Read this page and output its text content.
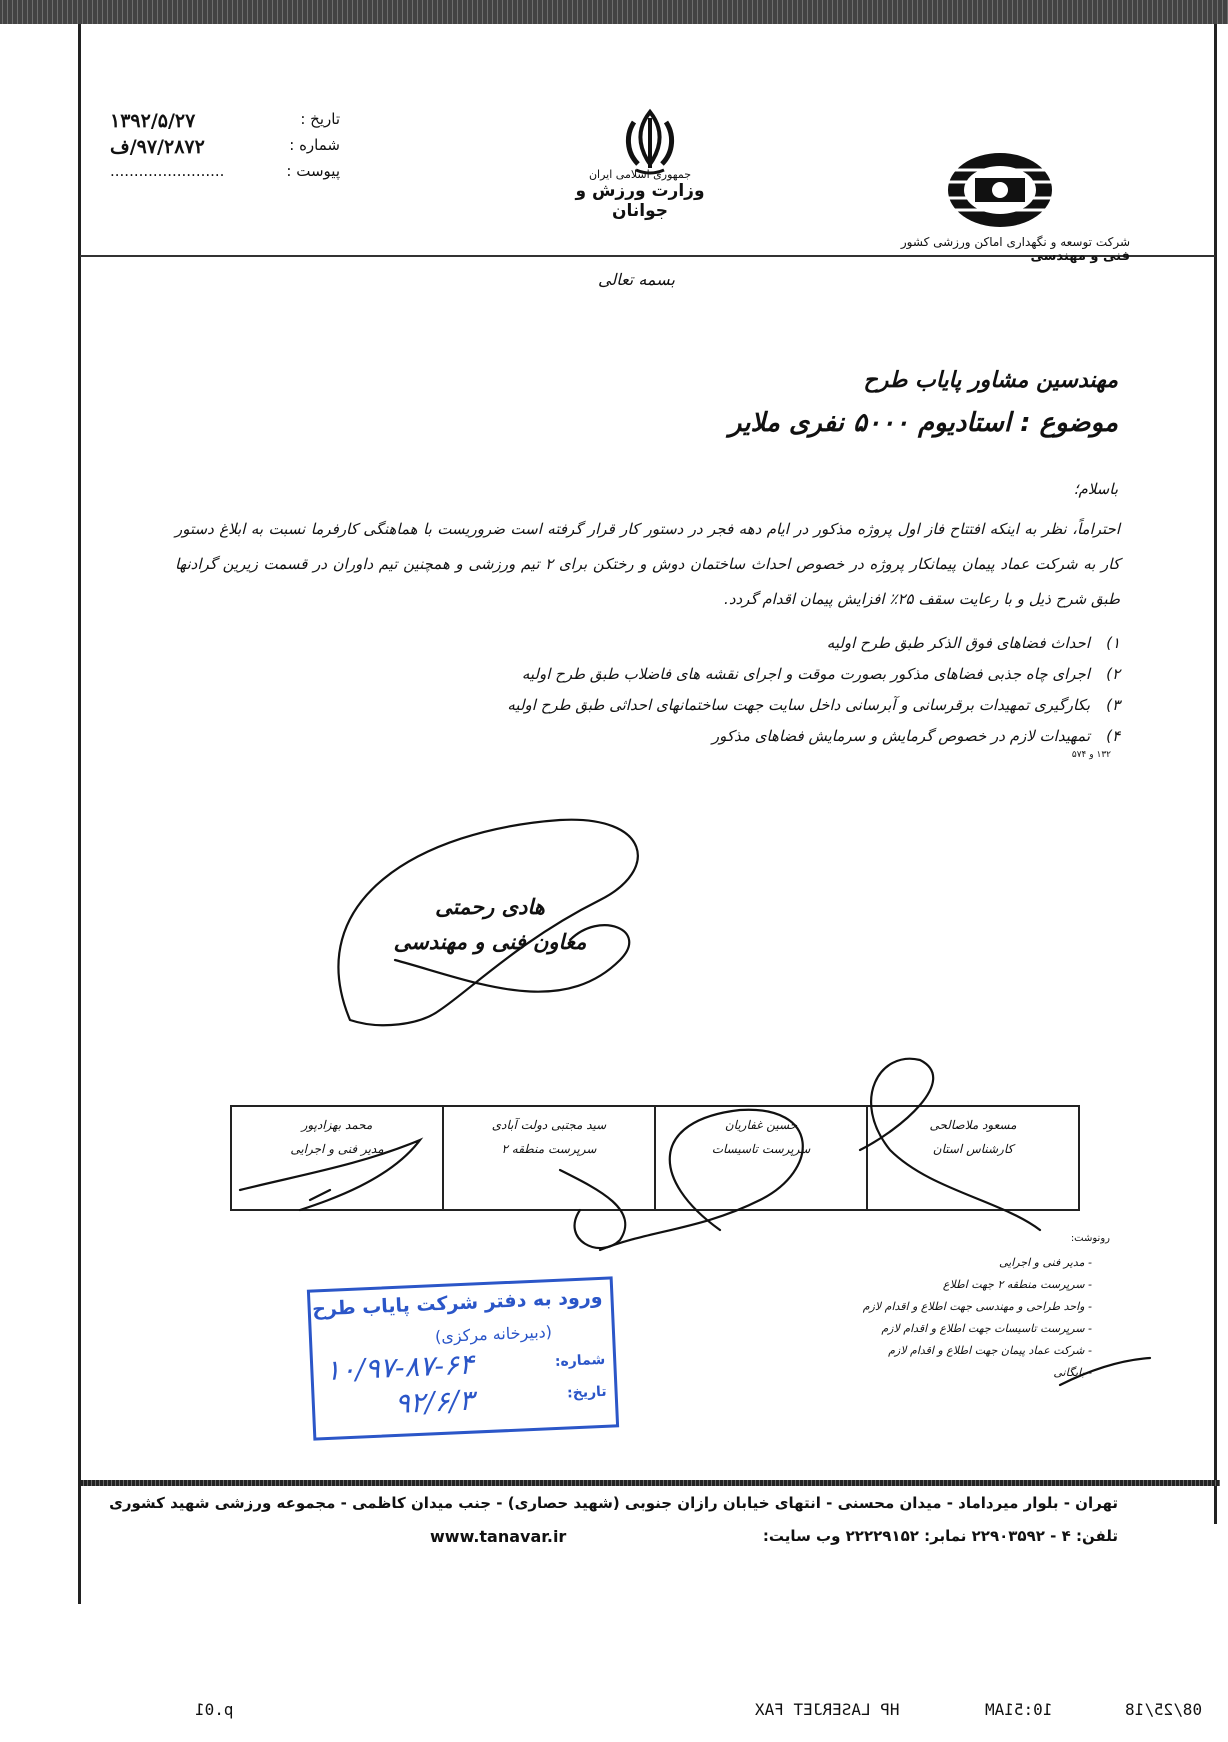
تاریخ :
۱۳۹۲/۵/۲۷
شماره :
۹۷/۲۸۷۲/ف
پیوست :
........................	جمهوری اسلامی ایران
وزارت ورزش و جوانان
شرکت توسعه و نگهداری اماکن ورزشی کشور
فنی و مهندسی
بسمه تعالی
مهندسین مشاور پایاب طرح
موضوع : استادیوم ۵۰۰۰ نفری ملایر
باسلام؛
احتراماً، نظر به اینکه افتتاح فاز اول پروژه مذکور در ایام دهه فجر در دستور کار قرار گرفته است ضروریست با هماهنگی کارفرما نسبت به ابلاغ دستور کار به شرکت عماد پیمان پیمانکار پروژه در خصوص احداث ساختمان دوش و رختکن برای ۲ تیم ورزشی و همچنین تیم داوران در قسمت زیرین گرادنها طبق شرح ذیل و با رعایت سقف ۲۵٪ افزایش پیمان اقدام گردد.
۱)
احداث فضاهای فوق الذکر طبق طرح اولیه
۲)
اجرای چاه جذبی فضاهای مذکور بصورت موقت و اجرای نقشه های فاضلاب طبق طرح اولیه
۳)
بکارگیری تمهیدات برقرسانی و آبرسانی داخل سایت جهت ساختمانهای احداثی طبق طرح اولیه
۴)
تمهیدات لازم در خصوص گرمایش و سرمایش فضاهای مذکور
۱۳۲ و ۵۷۴
هادی رحمتی
معاون فنی و مهندسی
مسعود ملاصالحی
کارشناس استان

حسین غفاریان
سرپرست تاسیسات

سید مجتبی دولت آبادی
سرپرست منطقه ۲

محمد بهزادپور
مدیر فنی و اجرایی
رونوشت:
- مدیر فنی و اجرایی
- سرپرست منطقه ۲ جهت اطلاع
- واحد طراحی و مهندسی جهت اطلاع و اقدام لازم
- سرپرست تاسیسات جهت اطلاع و اقدام لازم
- شرکت عماد پیمان جهت اطلاع و اقدام لازم
- بایگانی
ورود به دفتر شرکت پایاب طرح
(دبیرخانه مرکزی)
شماره:
تاریخ:
۱۰/۹۷-۸۷-۶۴
۹۲/۶/۳
تهران - بلوار میرداماد - میدان محسنی - انتهای خیابان رازان جنوبی (شهید حصاری) - جنب میدان کاظمی - مجموعه ورزشی شهید کشوری
تلفن: ۴ - ۲۲۹۰۳۵۹۲ نمابر: ۲۲۲۲۹۱۵۲ وب سایت:
www.tanavar.ir
08/25/18
10:51AM
HP LASERJET FAX
p.01
